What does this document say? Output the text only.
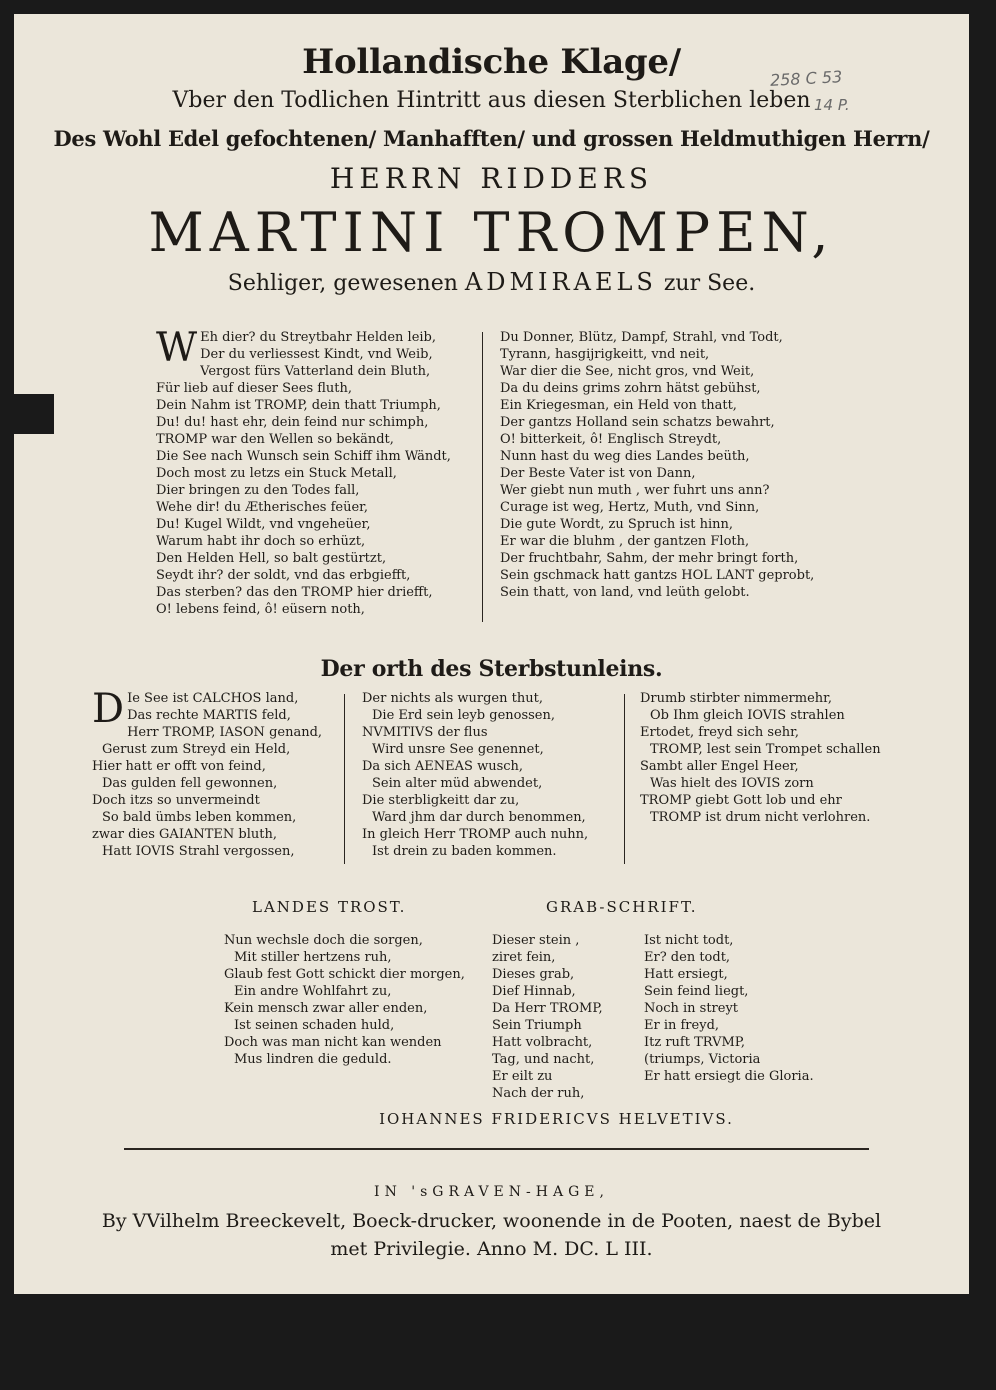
258 C 53
14 P.
Hollandische Klage/
Vber den Todlichen Hintritt aus diesen Sterblichen leben
Des Wohl Edel gefochtenen/ Manhafften/ und grossen Heldmuthigen Herrn/
HERRN RIDDERS
MARTINI TROMPEN,
Sehliger, gewesenen ADMIRAELS zur See.
W Eh dier? du Streytbahr Helden leib,
Der du verliessest Kindt, vnd Weib,
Vergost fürs Vatterland dein Bluth,
Für lieb auf dieser Sees fluth,
Dein Nahm ist TROMP, dein thatt Triumph,
Du! du! hast ehr, dein feind nur schimph,
TROMP war den Wellen so bekändt,
Die See nach Wunsch sein Schiff ihm Wändt,
Doch most zu letzs ein Stuck Metall,
Dier bringen zu den Todes fall,
Wehe dir! du Ætherisches feüer,
Du! Kugel Wildt, vnd vngeheüer,
Warum habt ihr doch so erhüzt,
Den Helden Hell, so balt gestürtzt,
Seydt ihr? der soldt, vnd das erbgiefft,
Das sterben? das den TROMP hier driefft,
O! lebens feind, ô! eüsern noth,
Du Donner, Blütz, Dampf, Strahl, vnd Todt,
Tyrann, hasgijrigkeitt, vnd neit,
War dier die See, nicht gros, vnd Weit,
Da du deins grims zohrn hätst gebühst,
Ein Kriegesman, ein Held von thatt,
Der gantzs Holland sein schatzs bewahrt,
O! bitterkeit, ô! Englisch Streydt,
Nunn hast du weg dies Landes beüth,
Der Beste Vater ist von Dann,
Wer giebt nun muth , wer fuhrt uns ann?
Curage ist weg, Hertz, Muth, vnd Sinn,
Die gute Wordt, zu Spruch ist hinn,
Er war die bluhm , der gantzen Floth,
Der fruchtbahr, Sahm, der mehr bringt forth,
Sein gschmack hatt gantzs HOL LANT geprobt,
Sein thatt, von land, vnd leüth gelobt.
Der orth des Sterbstunleins.
D Ie See ist CALCHOS land,
Das rechte MARTIS feld,
Herr TROMP, IASON genand,
Gerust zum Streyd ein Held,
Hier hatt er offt von feind,
Das gulden fell gewonnen,
Doch itzs so unvermeindt
So bald ümbs leben kommen,
zwar dies GAIANTEN bluth,
Hatt IOVIS Strahl vergossen,
Der nichts als wurgen thut,
Die Erd sein leyb genossen,
NVMITIVS der flus
Wird unsre See genennet,
Da sich AENEAS wusch,
Sein alter müd abwendet,
Die sterbligkeitt dar zu,
Ward jhm dar durch benommen,
In gleich Herr TROMP auch nuhn,
Ist drein zu baden kommen.
Drumb stirbter nimmermehr,
Ob Ihm gleich IOVIS strahlen
Ertodet, freyd sich sehr,
TROMP, lest sein Trompet schallen
Sambt aller Engel Heer,
Was hielt des IOVIS zorn
TROMP giebt Gott lob und ehr
TROMP ist drum nicht verlohren.
LANDES TROST.	GRAB-SCHRIFT.
Nun wechsle doch die sorgen,
Mit stiller hertzens ruh,
Glaub fest Gott schickt dier morgen,
Ein andre Wohlfahrt zu,
Kein mensch zwar aller enden,
Ist seinen schaden huld,
Doch was man nicht kan wenden
Mus lindren die geduld.
Dieser stein ,
ziret fein,
Dieses grab,
Dief Hinnab,
Da Herr TROMP,
Sein Triumph
Hatt volbracht,
Tag, und nacht,
Er eilt zu
Nach der ruh,
Ist nicht todt,
Er? den todt,
Hatt ersiegt,
Sein feind liegt,
Noch in streyt
Er in freyd,
Itz ruft TRVMP,
(triumps, Victoria
Er hatt ersiegt die Gloria.
IOHANNES FRIDERICVS HELVETIVS.
IN 'sGRAVEN-HAGE,
By VVilhelm Breeckevelt, Boeck-drucker, woonende in de Pooten, naest de Bybel
met Privilegie. Anno M. DC. L III.
